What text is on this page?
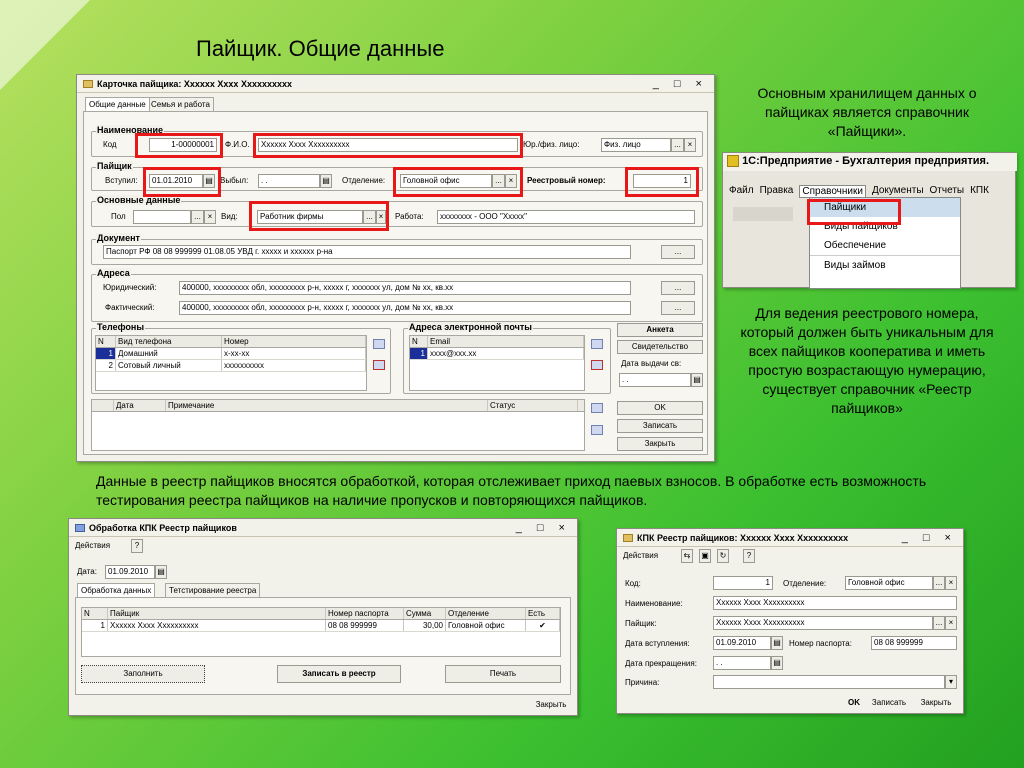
Пайщик. Общие данные
Карточка пайщика: Хххххх Хххх Хххххххххх	_ □ ×
Общие данные Семья и работа
Наименование
Код	1-00000001	Ф.И.О.	Хххххх Хххх Хххххххххх	Юр./физ. лицо:	Физ. лицо	... ×
Пайщик
Вступил:	01.01.2010	▤ Выбыл:	. .	▤ Отделение:	Головной офис	... ×	Реестровый номер:	1
Основные данные
Пол	... ×	Вид:	Работник фирмы	... ×	Работа:	хххххххх - ООО "Ххххх"
Документ
Паспорт РФ 08 08 999999 01.08.05 УВД г. ххххх и хххххх р-на	...
Адреса
Юридический:	400000, ххххххххх обл, ххххххххх р-н, ххххх г, ххххххх ул, дом № хх, кв.хх	...
Фактический:	400000, ххххххххх обл, ххххххххх р-н, ххххх г, ххххххх ул, дом № хх, кв.хх	...
Телефоны
N	Вид телефона	Номер
1 Домашний	х-хх-хх
2 Сотовый личный	хххххххххх
Адреса электронной почты
N	Email
1 хххх@ххх.хх
Анкета
Свидетельство
Дата выдачи св:
. .	▤
Дата	Примечание	Статус	OK
Записать
Закрыть
Основным хранилищем данных о пайщиках является справочник «Пайщики».
1С:Предприятие - Бухгалтерия предприятия.
Файл Правка Справочники Документы Отчеты КПК
Пайщики
Виды пайщиков
Обеспечение
Виды займов
Для ведения реестрового номера, который должен быть уникальным для всех пайщиков кооператива и иметь простую возрастающую нумерацию, существует справочник «Реестр пайщиков»
Данные в реестр пайщиков вносятся обработкой, которая отслеживает приход паевых взносов. В обработке есть возможность тестирования реестра пайщиков на наличие пропусков и повторяющихся пайщиков.
Обработка КПК Реестр пайщиков	_ □ ×
Действия	?
Дата:	01.09.2010	▤
Обработка данных	Тетстирование реестра
N	Пайщик	Номер паспорта	Сумма	Отделение	Есть
1 Хххххх Хххх Хххххххххх	08 08 999999	30,00 Головной офис	✔
Заполнить	Записать в реестр	Печать
Закрыть
КПК Реестр пайщиков: Хххххх Хххх Хххххххххх	_ □ ×
Действия	⇆	▣	↻	?
Код:	1	Отделение:	Головной офис	... ×
Наименование:	Хххххх Хххх Хххххххххх
Пайщик:	Хххххх Хххх Хххххххххх	... ×
Дата вступления:	01.09.2010	▤ Номер паспорта:	08 08 999999
Дата прекращения:	. .	▤
Причина:	▾
OK	Записать	Закрыть
